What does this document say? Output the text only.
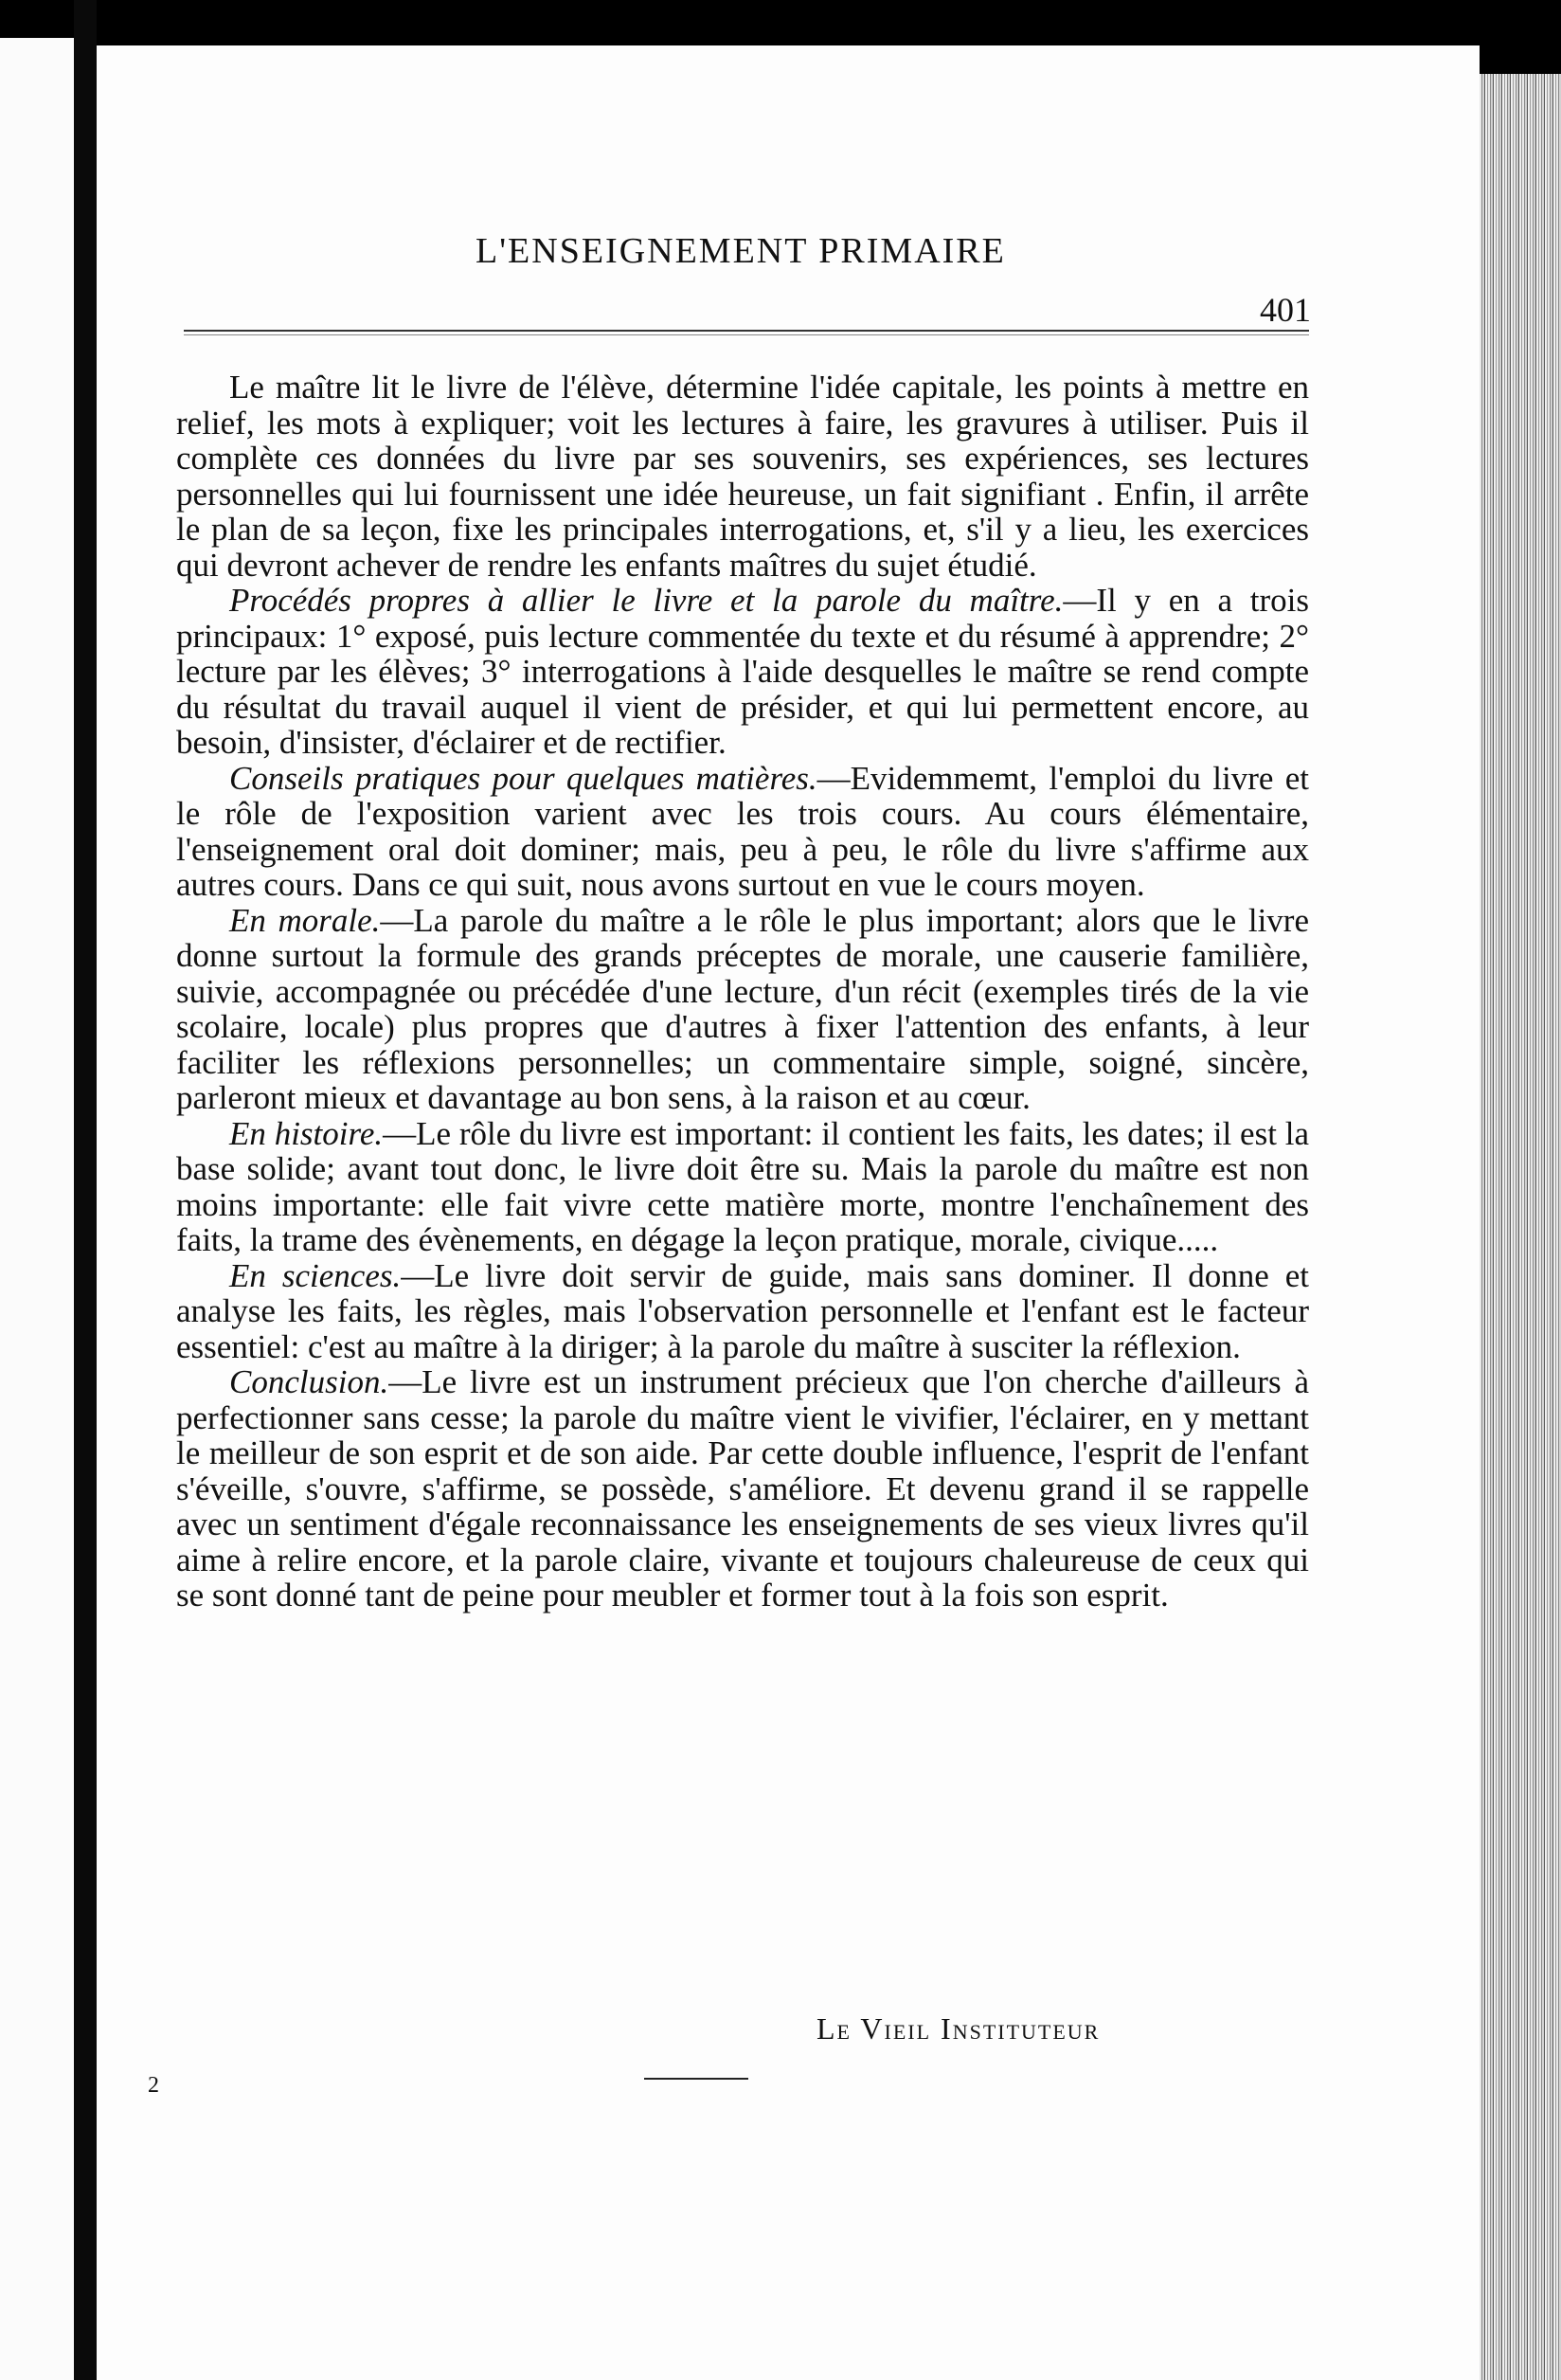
L'ENSEIGNEMENT PRIMAIRE
401

Le maître lit le livre de l'élève, détermine l'idée capitale, les points à mettre en relief, les mots à expliquer; voit les lectures à faire, les gravures à utiliser. Puis il complète ces données du livre par ses souvenirs, ses expériences, ses lectures personnelles qui lui fournissent une idée heureuse, un fait signifiant . Enfin, il arrête le plan de sa leçon, fixe les principales interrogations, et, s'il y a lieu, les exercices qui devront achever de rendre les enfants maîtres du sujet étudié.

Procédés propres à allier le livre et la parole du maître.—Il y en a trois principaux: 1° exposé, puis lecture commentée du texte et du résumé à apprendre; 2° lecture par les élèves; 3° interrogations à l'aide desquelles le maître se rend compte du résultat du travail auquel il vient de présider, et qui lui permettent encore, au besoin, d'insister, d'éclairer et de rectifier.

Conseils pratiques pour quelques matières.—Evidemmemt, l'emploi du livre et le rôle de l'exposition varient avec les trois cours. Au cours élémentaire, l'enseignement oral doit dominer; mais, peu à peu, le rôle du livre s'affirme aux autres cours. Dans ce qui suit, nous avons surtout en vue le cours moyen.

En morale.—La parole du maître a le rôle le plus important; alors que le livre donne surtout la formule des grands préceptes de morale, une causerie familière, suivie, accompagnée ou précédée d'une lecture, d'un récit (exemples tirés de la vie scolaire, locale) plus propres que d'autres à fixer l'attention des enfants, à leur faciliter les réflexions personnelles; un commentaire simple, soigné, sincère, parleront mieux et davantage au bon sens, à la raison et au cœur.

En histoire.—Le rôle du livre est important: il contient les faits, les dates; il est la base solide; avant tout donc, le livre doit être su. Mais la parole du maître est non moins importante: elle fait vivre cette matière morte, montre l'enchaînement des faits, la trame des évènements, en dégage la leçon pratique, morale, civique.....

En sciences.—Le livre doit servir de guide, mais sans dominer. Il donne et analyse les faits, les règles, mais l'observation personnelle et l'enfant est le facteur essentiel: c'est au maître à la diriger; à la parole du maître à susciter la réflexion.

Conclusion.—Le livre est un instrument précieux que l'on cherche d'ailleurs à perfectionner sans cesse; la parole du maître vient le vivifier, l'éclairer, en y mettant le meilleur de son esprit et de son aide. Par cette double influence, l'esprit de l'enfant s'éveille, s'ouvre, s'affirme, se possède, s'améliore. Et devenu grand il se rappelle avec un sentiment d'égale reconnaissance les enseignements de ses vieux livres qu'il aime à relire encore, et la parole claire, vivante et toujours chaleureuse de ceux qui se sont donné tant de peine pour meubler et former tout à la fois son esprit.

Le Vieil Instituteur

2
